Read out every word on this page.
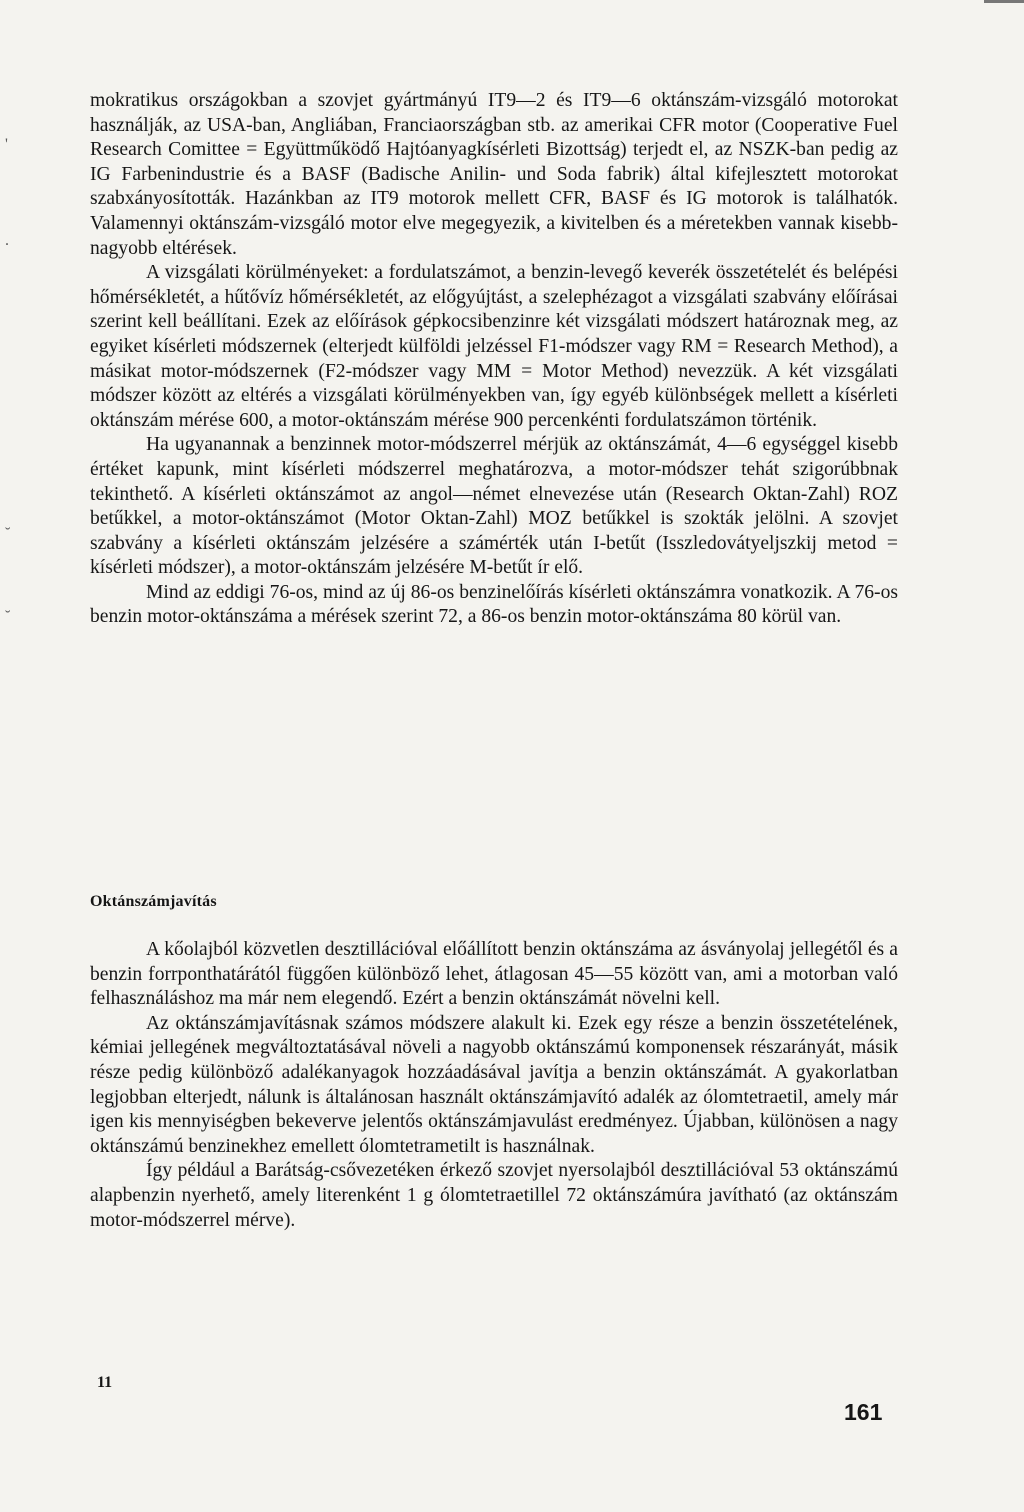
'
.
˘
˘

mokratikus országokban a szovjet gyártmányú IT9—2 és IT9—6 oktánszám-vizsgáló motorokat használják, az USA-ban, Angliában, Franciaországban stb. az amerikai CFR motor (Cooperative Fuel Research Comittee = Együttműködő Hajtóanyagkísérleti Bizottság) terjedt el, az NSZK-ban pedig az IG Farbenindustrie és a BASF (Badische Anilin- und Soda fabrik) által kifejlesztett motorokat szabxányosították. Hazánkban az IT9 motorok mellett CFR, BASF és IG motorok is találhatók. Valamennyi oktánszám-vizsgáló motor elve megegyezik, a kivitelben és a méretekben vannak kisebb-nagyobb eltérések.

A vizsgálati körülményeket: a fordulatszámot, a benzin-levegő keverék összetételét és belépési hőmérsékletét, a hűtővíz hőmérsékletét, az előgyújtást, a szelephézagot a vizsgálati szabvány előírásai szerint kell beállítani. Ezek az előírások gépkocsibenzinre két vizsgálati módszert határoznak meg, az egyiket kísérleti módszernek (elterjedt külföldi jelzéssel F1-módszer vagy RM = Research Method), a másikat motor-módszernek (F2-módszer vagy MM = Motor Method) nevezzük. A két vizsgálati módszer között az eltérés a vizsgálati körülményekben van, így egyéb különbségek mellett a kísérleti oktánszám mérése 600, a motor-oktánszám mérése 900 percenkénti fordulatszámon történik.

Ha ugyanannak a benzinnek motor-módszerrel mérjük az oktánszámát, 4—6 egységgel kisebb értéket kapunk, mint kísérleti módszerrel meghatározva, a motor-módszer tehát szigorúbbnak tekinthető. A kísérleti oktánszámot az angol—német elnevezése után (Research Oktan-Zahl) ROZ betűkkel, a motor-oktánszámot (Motor Oktan-Zahl) MOZ betűkkel is szokták jelölni. A szovjet szabvány a kísérleti oktánszám jelzésére a számérték után I-betűt (Isszledovátyeljszkij metod = kísérleti módszer), a motor-oktánszám jelzésére M-betűt ír elő.

Mind az eddigi 76-os, mind az új 86-os benzinelőírás kísérleti oktánszámra vonatkozik. A 76-os benzin motor-oktánszáma a mérések szerint 72, a 86-os benzin motor-oktánszáma 80 körül van.

Oktánszámjavítás

A kőolajból közvetlen desztillációval előállított benzin oktánszáma az ásványolaj jellegétől és a benzin forrponthatárától függően különböző lehet, átlagosan 45—55 között van, ami a motorban való felhasználáshoz ma már nem elegendő. Ezért a benzin oktánszámát növelni kell.

Az oktánszámjavításnak számos módszere alakult ki. Ezek egy része a benzin összetételének, kémiai jellegének megváltoztatásával növeli a nagyobb oktánszámú komponensek részarányát, másik része pedig különböző adalékanyagok hozzáadásával javítja a benzin oktánszámát. A gyakorlatban legjobban elterjedt, nálunk is általánosan használt oktánszámjavító adalék az ólomtetraetil, amely már igen kis mennyiségben bekeverve jelentős oktánszámjavulást eredményez. Újabban, különösen a nagy oktánszámú benzinekhez emellett ólomtetrametilt is használnak.

Így például a Barátság-csővezetéken érkező szovjet nyersolajból desztillációval 53 oktánszámú alapbenzin nyerhető, amely literenként 1 g ólomtetraetillel 72 oktánszámúra javítható (az oktánszám motor-módszerrel mérve).

11
161
